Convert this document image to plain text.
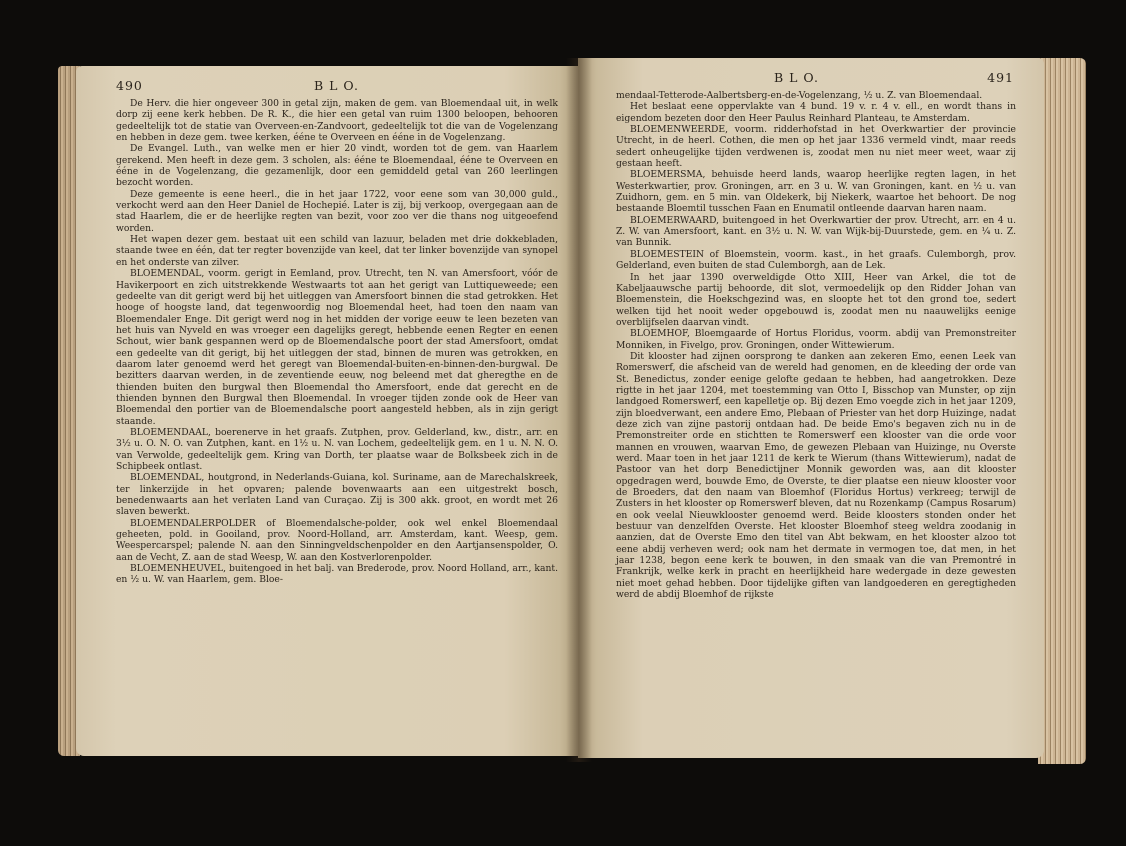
490	B L O.

De Herv. die hier ongeveer 300 in getal zijn, maken de gem. van Bloemendaal uit, in welk dorp zij eene kerk hebben. De R. K., die hier een getal van ruim 1300 beloopen, behooren gedeeltelijk tot de statie van Overveen-en-Zandvoort, gedeeltelijk tot die van de Vogelenzang en hebben in deze gem. twee kerken, ééne te Overveen en ééne in de Vogelenzang.

De Evangel. Luth., van welke men er hier 20 vindt, worden tot de gem. van Haarlem gerekend. Men heeft in deze gem. 3 scholen, als: ééne te Bloemendaal, ééne te Overveen en ééne in de Vogelenzang, die gezamenlijk, door een gemiddeld getal van 260 leerlingen bezocht worden.

Deze gemeente is eene heerl., die in het jaar 1722, voor eene som van 30,000 guld., verkocht werd aan den Heer Daniel de Hochepié. Later is zij, bij verkoop, overgegaan aan de stad Haarlem, die er de heerlijke regten van bezit, voor zoo ver die thans nog uitgeoefend worden.

Het wapen dezer gem. bestaat uit een schild van lazuur, beladen met drie dokkebladen, staande twee en één, dat ter regter bovenzijde van keel, dat ter linker bovenzijde van synopel en het onderste van zilver.

BLOEMENDAL, voorm. gerigt in Eemland, prov. Utrecht, ten N. van Amersfoort, vóór de Havikerpoort en zich uitstrekkende Westwaarts tot aan het gerigt van Luttiqueweede; een gedeelte van dit gerigt werd bij het uitleggen van Amersfoort binnen die stad getrokken. Het hooge of hoogste land, dat tegenwoordig nog Bloemendal heet, had toen den naam van Bloemendaler Enge. Dit gerigt werd nog in het midden der vorige eeuw te leen bezeten van het huis van Nyveld en was vroeger een dagelijks geregt, hebbende eenen Regter en eenen Schout, wier bank gespannen werd op de Bloemendalsche poort der stad Amersfoort, omdat een gedeelte van dit gerigt, bij het uitleggen der stad, binnen de muren was getrokken, en daarom later genoemd werd het geregt van Bloemendal-buiten-en-binnen-den-burgwal. De bezitters daarvan werden, in de zeventiende eeuw, nog beleend met dat gheregthe en de thienden buiten den burgwal then Bloemendal tho Amersfoort, ende dat gerecht en de thienden bynnen den Burgwal then Bloemendal. In vroeger tijden zonde ook de Heer van Bloemendal den portier van de Bloemendalsche poort aangesteld hebben, als in zijn gerigt staande.

BLOEMENDAAL, boerenerve in het graafs. Zutphen, prov. Gelderland, kw., distr., arr. en 3½ u. O. N. O. van Zutphen, kant. en 1½ u. N. van Lochem, gedeeltelijk gem. en 1 u. N. N. O. van Verwolde, gedeeltelijk gem. Kring van Dorth, ter plaatse waar de Bolksbeek zich in de Schipbeek ontlast.

BLOEMENDAL, houtgrond, in Nederlands-Guiana, kol. Suriname, aan de Marechalskreek, ter linkerzijde in het opvaren; palende bovenwaarts aan een uitgestrekt bosch, benedenwaarts aan het verlaten Land van Curaçao. Zij is 300 akk. groot, en wordt met 26 slaven bewerkt.

BLOEMENDALERPOLDER of Bloemendalsche-polder, ook wel enkel Bloemendaal geheeten, pold. in Gooiland, prov. Noord-Holland, arr. Amsterdam, kant. Weesp, gem. Weespercarspel; palende N. aan den Sinningveldschenpolder en den Aartjansenspolder, O. aan de Vecht, Z. aan de stad Weesp, W. aan den Kostverlorenpolder.

BLOEMENHEUVEL, buitengoed in het balj. van Brederode, prov. Noord Holland, arr., kant. en ½ u. W. van Haarlem, gem. Bloe-

B L O.	491

mendaal-Tetterode-Aalbertsberg-en-de-Vogelenzang, ½ u. Z. van Bloemendaal.

Het beslaat eene oppervlakte van 4 bund. 19 v. r. 4 v. ell., en wordt thans in eigendom bezeten door den Heer Paulus Reinhard Planteau, te Amsterdam.

BLOEMENWEERDE, voorm. ridderhofstad in het Overkwartier der provincie Utrecht, in de heerl. Cothen, die men op het jaar 1336 vermeld vindt, maar reeds sedert onheugelijke tijden verdwenen is, zoodat men nu niet meer weet, waar zij gestaan heeft.

BLOEMERSMA, behuisde heerd lands, waarop heerlijke regten lagen, in het Westerkwartier, prov. Groningen, arr. en 3 u. W. van Groningen, kant. en ½ u. van Zuidhorn, gem. en 5 min. van Oldekerk, bij Niekerk, waartoe het behoort. De nog bestaande Bloemtil tusschen Faan en Enumatil ontleende daarvan haren naam.

BLOEMERWAARD, buitengoed in het Overkwartier der prov. Utrecht, arr. en 4 u. Z. W. van Amersfoort, kant. en 3½ u. N. W. van Wijk-bij-Duurstede, gem. en ¼ u. Z. van Bunnik.

BLOEMESTEIN of Bloemstein, voorm. kast., in het graafs. Culemborgh, prov. Gelderland, even buiten de stad Culemborgh, aan de Lek.

In het jaar 1390 overweldigde Otto XIII, Heer van Arkel, die tot de Kabeljaauwsche partij behoorde, dit slot, vermoedelijk op den Ridder Johan van Bloemenstein, die Hoekschgezind was, en sloopte het tot den grond toe, sedert welken tijd het nooit weder opgebouwd is, zoodat men nu naauwelijks eenige overblijfselen daarvan vindt.

BLOEMHOF, Bloemgaarde of Hortus Floridus, voorm. abdij van Premonstreiter Monniken, in Fivelgo, prov. Groningen, onder Wittewierum.

Dit klooster had zijnen oorsprong te danken aan zekeren Emo, eenen Leek van Romerswerf, die afscheid van de wereld had genomen, en de kleeding der orde van St. Benedictus, zonder eenige gelofte gedaan te hebben, had aangetrokken. Deze rigtte in het jaar 1204, met toestemming van Otto I, Bisschop van Munster, op zijn landgoed Romerswerf, een kapelletje op. Bij dezen Emo voegde zich in het jaar 1209, zijn bloedverwant, een andere Emo, Plebaan of Priester van het dorp Huizinge, nadat deze zich van zijne pastorij ontdaan had. De beide Emo's begaven zich nu in de Premonstreiter orde en stichtten te Romerswerf een klooster van die orde voor mannen en vrouwen, waarvan Emo, de gewezen Plebaan van Huizinge, nu Overste werd. Maar toen in het jaar 1211 de kerk te Wierum (thans Wittewierum), nadat de Pastoor van het dorp Benedictijner Monnik geworden was, aan dit klooster opgedragen werd, bouwde Emo, de Overste, te dier plaatse een nieuw klooster voor de Broeders, dat den naam van Bloemhof (Floridus Hortus) verkreeg; terwijl de Zusters in het klooster op Romerswerf bleven, dat nu Rozenkamp (Campus Rosarum) en ook veelal Nieuwklooster genoemd werd. Beide kloosters stonden onder het bestuur van denzelfden Overste. Het klooster Bloemhof steeg weldra zoodanig in aanzien, dat de Overste Emo den titel van Abt bekwam, en het klooster alzoo tot eene abdij verheven werd; ook nam het dermate in vermogen toe, dat men, in het jaar 1238, begon eene kerk te bouwen, in den smaak van die van Premontré in Frankrijk, welke kerk in pracht en heerlijkheid hare wedergade in deze gewesten niet moet gehad hebben. Door tijdelijke giften van landgoederen en geregtigheden werd de abdij Bloemhof de rijkste
